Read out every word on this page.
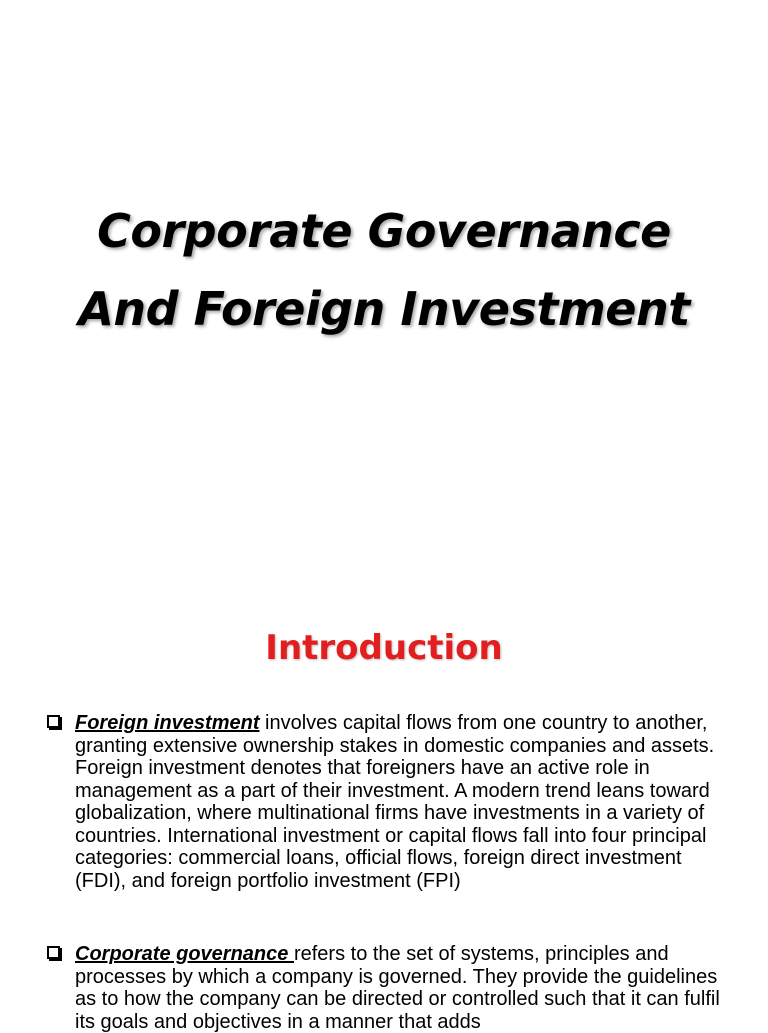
Corporate Governance
And Foreign Investment
Introduction
Foreign investment involves capital flows from one country to another, granting extensive ownership stakes in domestic companies and assets. Foreign investment denotes that foreigners have an active role in management as a part of their investment. A modern trend leans toward globalization, where multinational firms have investments in a variety of countries. International investment or capital flows fall into four principal categories: commercial loans, official flows, foreign direct investment (FDI), and foreign portfolio investment (FPI)
Corporate governance refers to the set of systems, principles and processes by which a company is governed. They provide the guidelines as to how the company can be directed or controlled such that it can fulfil its goals and objectives in a manner that adds
